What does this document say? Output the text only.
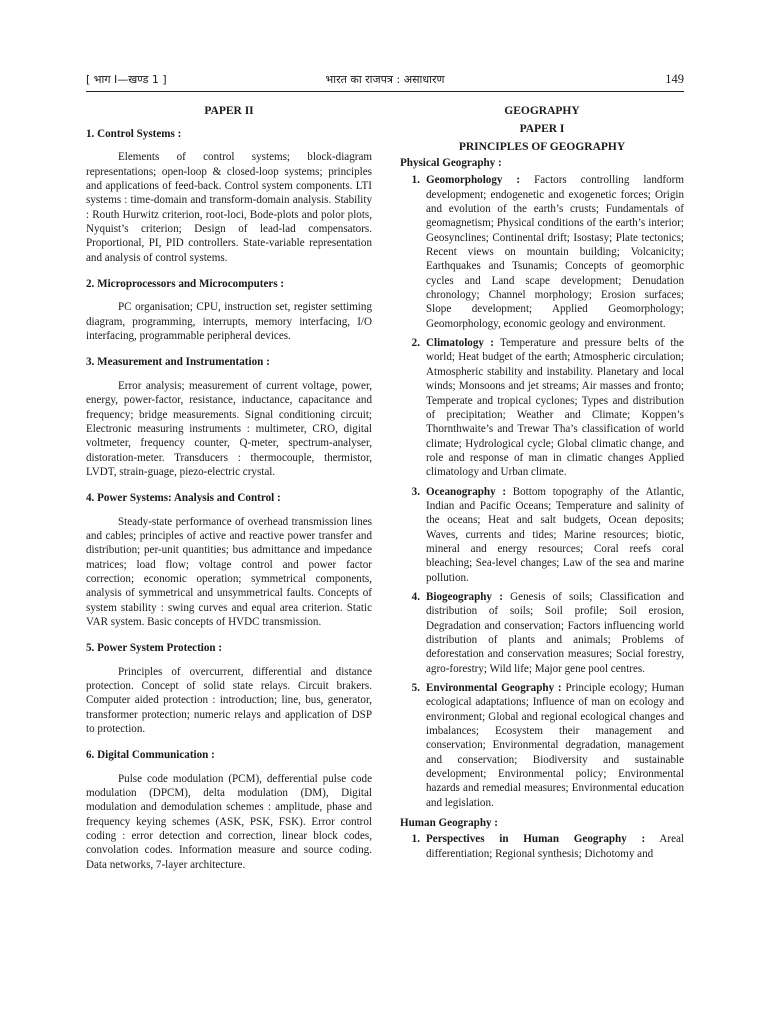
[ भाग I—खण्ड 1 ]	भारत का राजपत्र : असाधारण	149

PAPER II

1. Control Systems :

Elements of control systems; block-diagram representations; open-loop & closed-loop systems; principles and applications of feed-back. Control system components. LTI systems : time-domain and transform-domain analysis. Stability : Routh Hurwitz criterion, root-loci, Bode-plots and polor plots, Nyquist’s criterion; Design of lead-lad compensators. Proportional, PI, PID controllers. State-variable representation and analysis of control systems.

2. Microprocessors and Microcomputers :

PC organisation; CPU, instruction set, register settiming diagram, programming, interrupts, memory interfacing, I/O interfacing, programmable peripheral devices.

3. Measurement and Instrumentation :

Error analysis; measurement of current voltage, power, energy, power-factor, resistance, inductance, capacitance and frequency; bridge measurements. Signal conditioning circuit; Electronic measuring instruments : multimeter, CRO, digital voltmeter, frequency counter, Q-meter, spectrum-analyser, distoration-meter. Transducers : thermocouple, thermistor, LVDT, strain-guage, piezo-electric crystal.

4. Power Systems: Analysis and Control :

Steady-state performance of overhead transmission lines and cables; principles of active and reactive power transfer and distribution; per-unit quantities; bus admittance and impedance matrices; load flow; voltage control and power factor correction; economic operation; symmetrical components, analysis of symmetrical and unsymmetrical faults. Concepts of system stability : swing curves and equal area criterion. Static VAR system. Basic concepts of HVDC transmission.

5. Power System Protection :

Principles of overcurrent, differential and distance protection. Concept of solid state relays. Circuit brakers. Computer aided protection : introduction; line, bus, generator, transformer protection; numeric relays and application of DSP to protection.

6. Digital Communication :

Pulse code modulation (PCM), defferential pulse code modulation (DPCM), delta modulation (DM), Digital modulation and demodulation schemes : amplitude, phase and frequency keying schemes (ASK, PSK, FSK). Error control coding : error detection and correction, linear block codes, convolation codes. Information measure and source coding. Data networks, 7-layer architecture.

GEOGRAPHY

PAPER I

PRINCIPLES OF GEOGRAPHY

Physical Geography :

1. Geomorphology : Factors controlling landform development; endogenetic and exogenetic forces; Origin and evolution of the earth’s crusts; Fundamentals of geomagnetism; Physical conditions of the earth’s interior; Geosynclines; Continental drift; Isostasy; Plate tectonics; Recent views on mountain building; Volcanicity; Earthquakes and Tsunamis; Concepts of geomorphic cycles and Land scape development; Denudation chronology; Channel morphology; Erosion surfaces; Slope development; Applied Geomorphology; Geomorphology, economic geology and environment.
2. Climatology : Temperature and pressure belts of the world; Heat budget of the earth; Atmospheric circulation; Atmospheric stability and instability. Planetary and local winds; Monsoons and jet streams; Air masses and fronto; Temperate and tropical cyclones; Types and distribution of precipitation; Weather and Climate; Koppen’s Thornthwaite’s and Trewar Tha’s classification of world climate; Hydrological cycle; Global climatic change, and role and response of man in climatic changes Applied climatology and Urban climate.
3. Oceanography : Bottom topography of the Atlantic, Indian and Pacific Oceans; Temperature and salinity of the oceans; Heat and salt budgets, Ocean deposits; Waves, currents and tides; Marine resources; biotic, mineral and energy resources; Coral reefs coral bleaching; Sea-level changes; Law of the sea and marine pollution.
4. Biogeography : Genesis of soils; Classification and distribution of soils; Soil profile; Soil erosion, Degradation and conservation; Factors influencing world distribution of plants and animals; Problems of deforestation and conservation measures; Social forestry, agro-forestry; Wild life; Major gene pool centres.
5. Environmental Geography : Principle ecology; Human ecological adaptations; Influence of man on ecology and environment; Global and regional ecological changes and imbalances; Ecosystem their management and conservation; Environmental degradation, management and conservation; Biodiversity and sustainable development; Environmental policy; Environmental hazards and remedial measures; Environmental education and legislation.

Human Geography :

1. Perspectives in Human Geography : Areal differentiation; Regional synthesis; Dichotomy and
